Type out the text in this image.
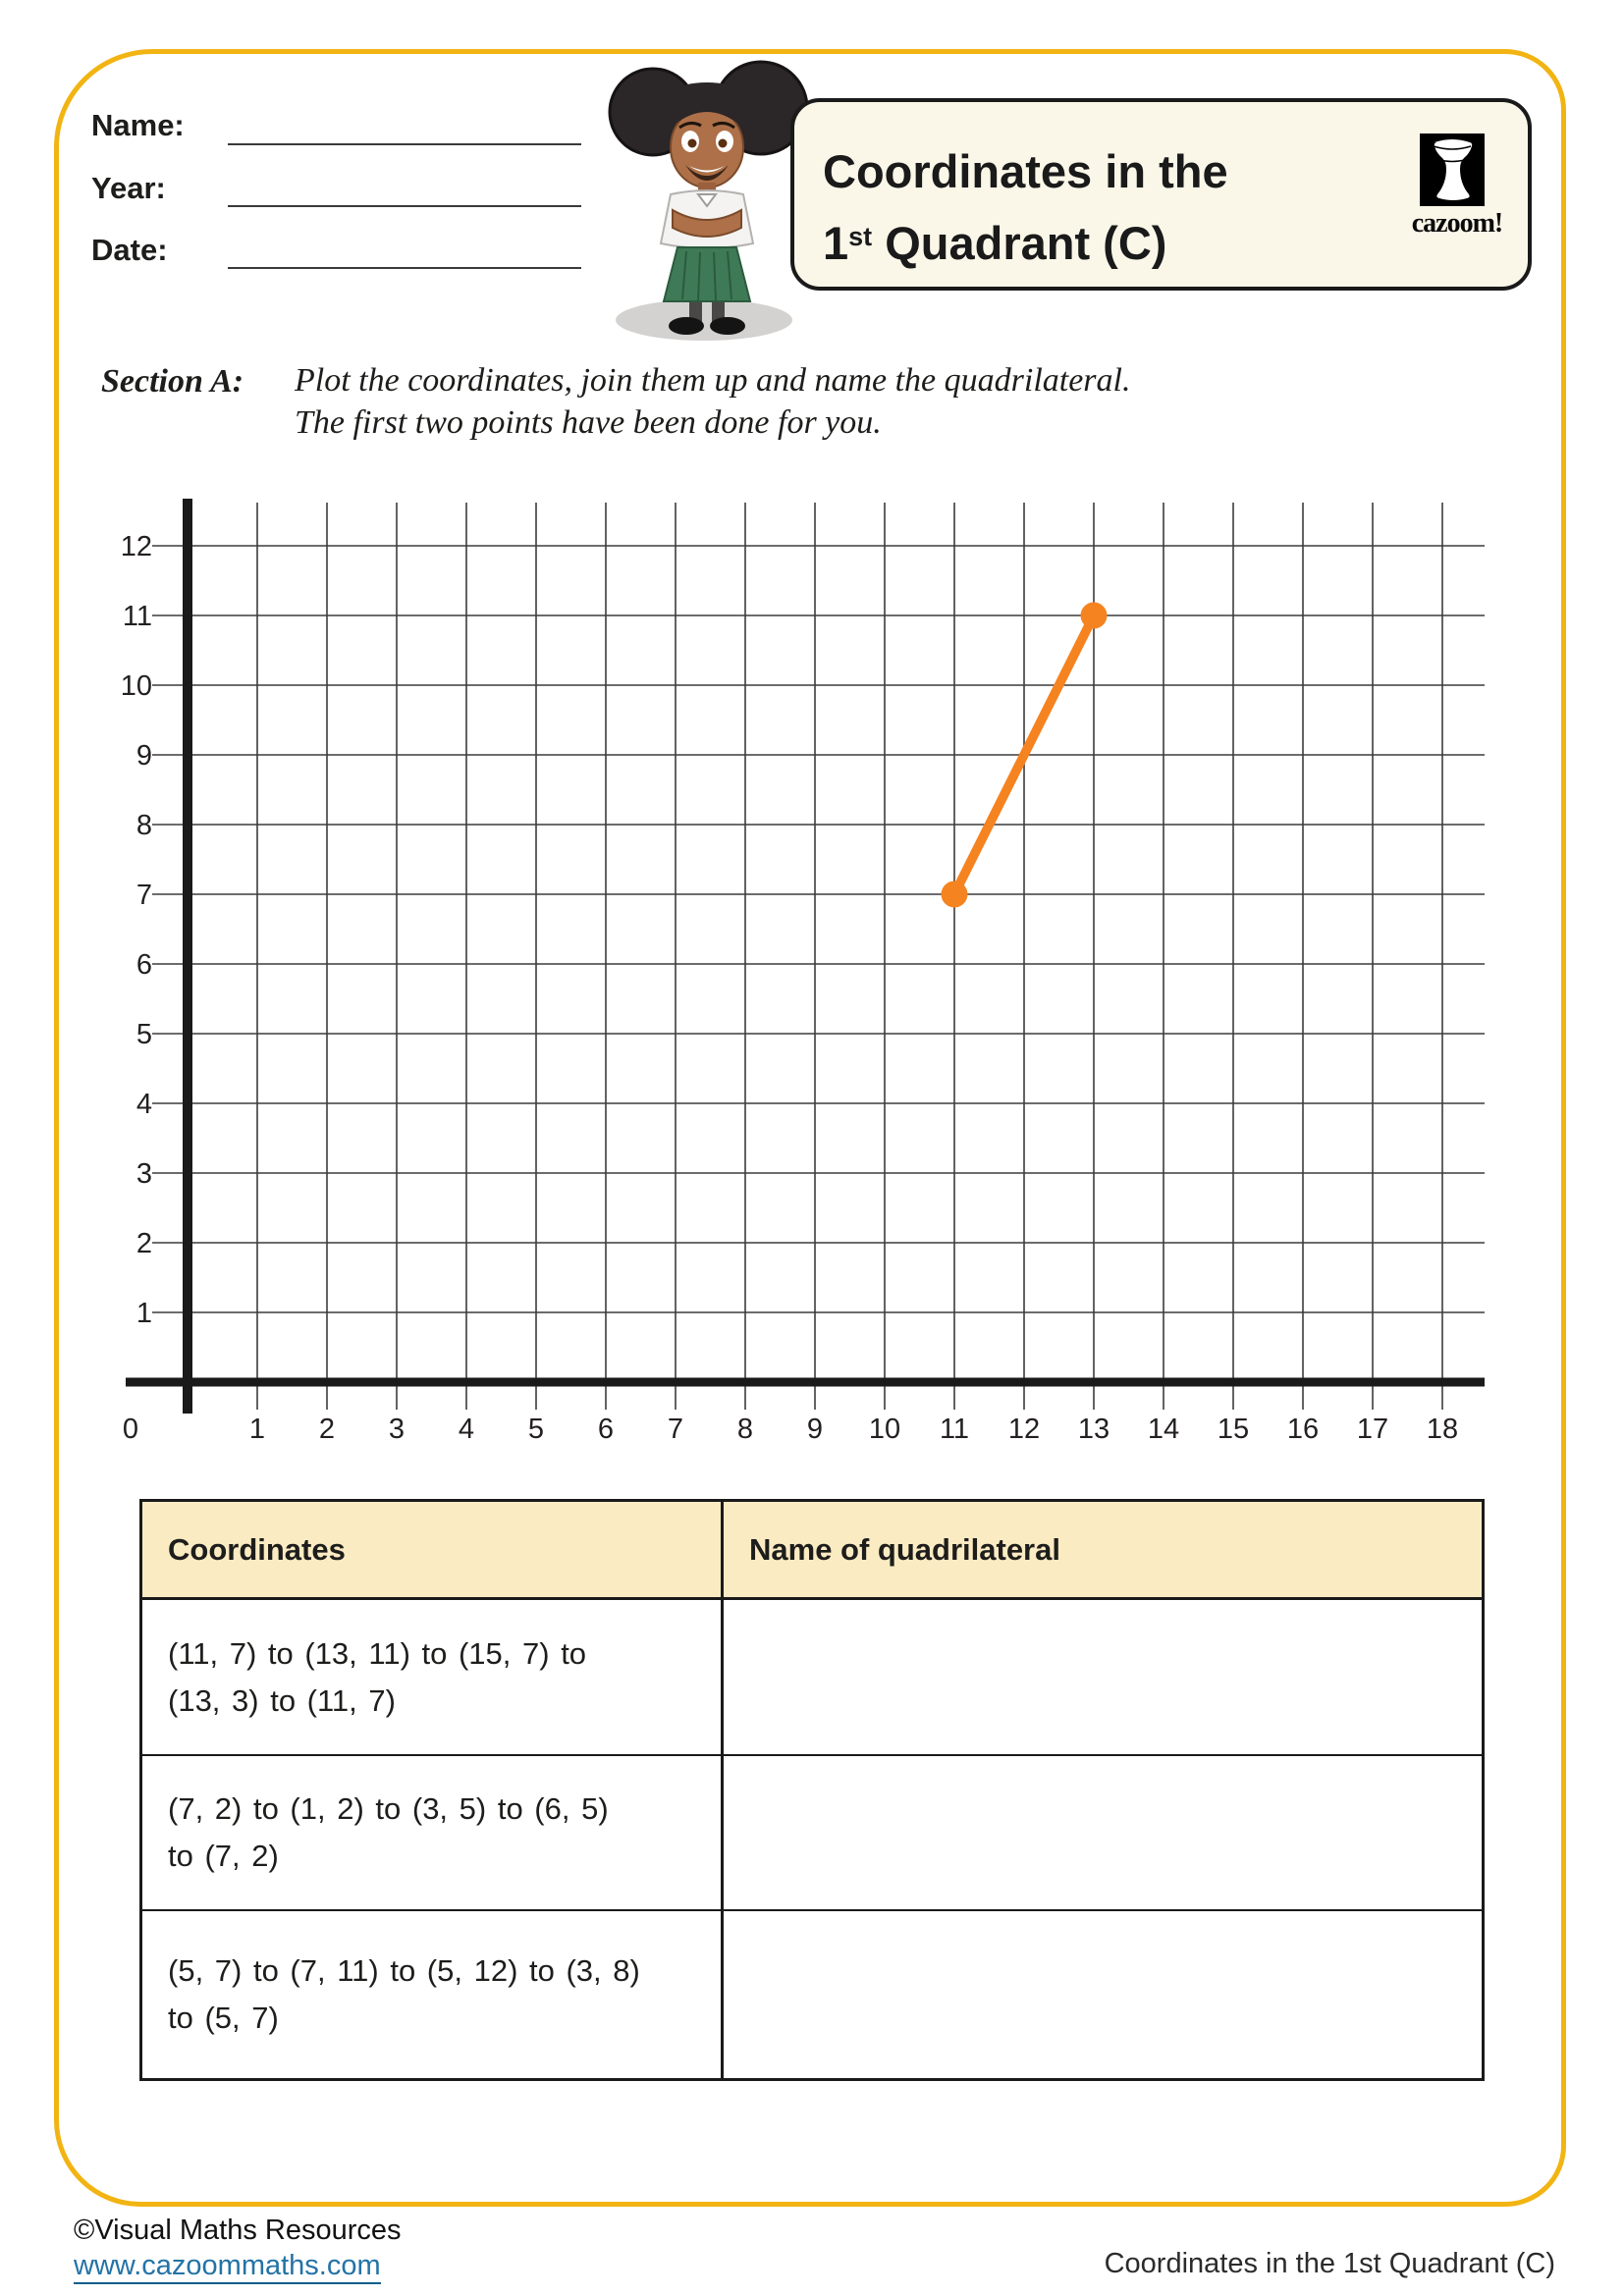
Name:
Year:
Date:
Coordinates in the
1st Quadrant (C)	cazoom!
Section A: Plot the coordinates, join them up and name the quadrilateral.
The first two points have been done for you.
0	1 2 3 4 5 6 7 8 9 10 11 12 13 14 15 16 17 18
1
2
3
4
5
6
7
8
9
10
11
12
Coordinates	Name of quadrilateral
(11, 7) to (13, 11) to (15, 7) to
(13, 3) to (11, 7)
(7, 2) to (1, 2) to (3, 5) to (6, 5)
to (7, 2)
(5, 7) to (7, 11) to (5, 12) to (3, 8)
to (5, 7)
©Visual Maths Resources
www.cazoommaths.com	Coordinates in the 1st Quadrant (C)
